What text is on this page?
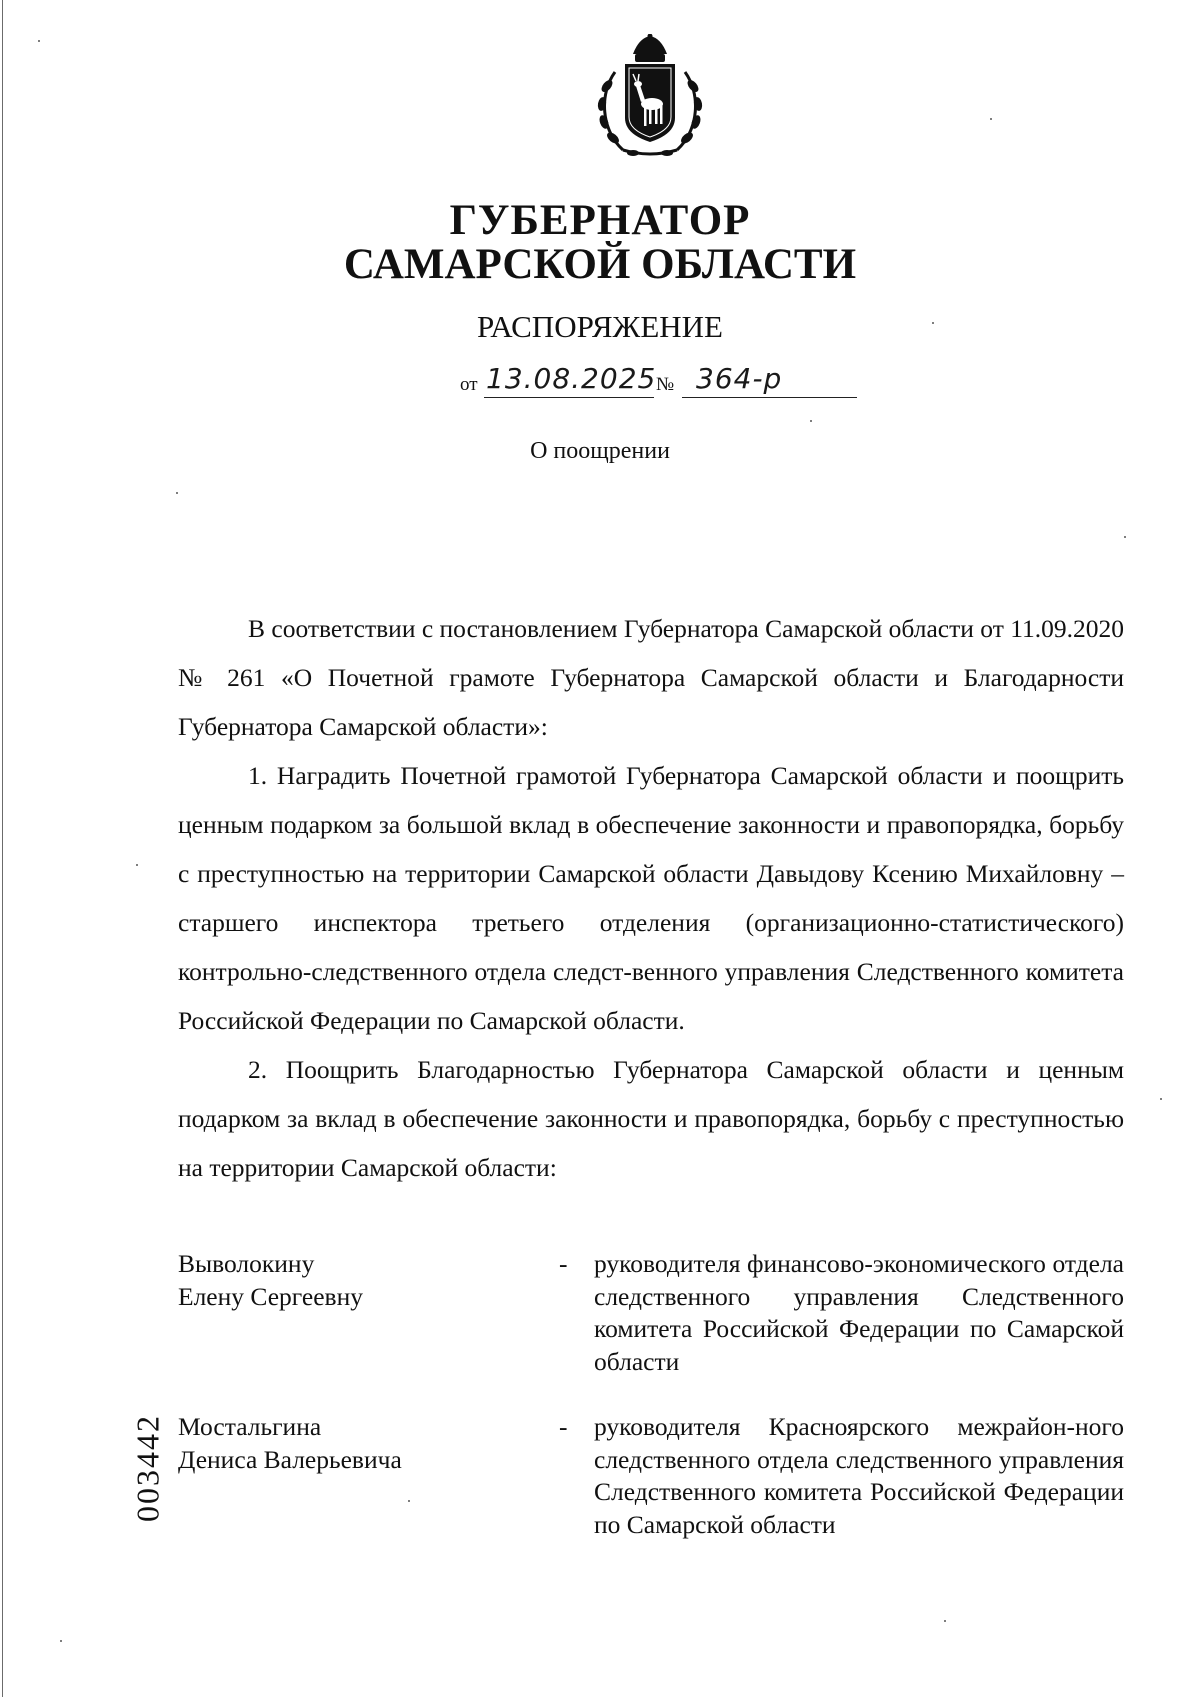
ГУБЕРНАТОР
САМАРСКОЙ ОБЛАСТИ
РАСПОРЯЖЕНИЕ
от 13.08.2025 № 364-р
О поощрении

В соответствии с постановлением Губернатора Самарской области от 11.09.2020 № 261 «О Почетной грамоте Губернатора Самарской области и Благодарности Губернатора Самарской области»:

1. Наградить Почетной грамотой Губернатора Самарской области и поощрить ценным подарком за большой вклад в обеспечение законности и правопорядка, борьбу с преступностью на территории Самарской области Давыдову Ксению Михайловну – старшего инспектора третьего отделения (организационно-статистического) контрольно-следственного отдела следст-венного управления Следственного комитета Российской Федерации по Самарской области.

2. Поощрить Благодарностью Губернатора Самарской области и ценным подарком за вклад в обеспечение законности и правопорядка, борьбу с преступностью на территории Самарской области:

Выволокину
Елену Сергеевну
- руководителя финансово-экономического отдела следственного управления Следственного комитета Российской Федерации по Самарской области
Мостальгина
Дениса Валерьевича
- руководителя Красноярского межрайон-ного следственного отдела следственного управления Следственного комитета Российской Федерации по Самарской области
003442
